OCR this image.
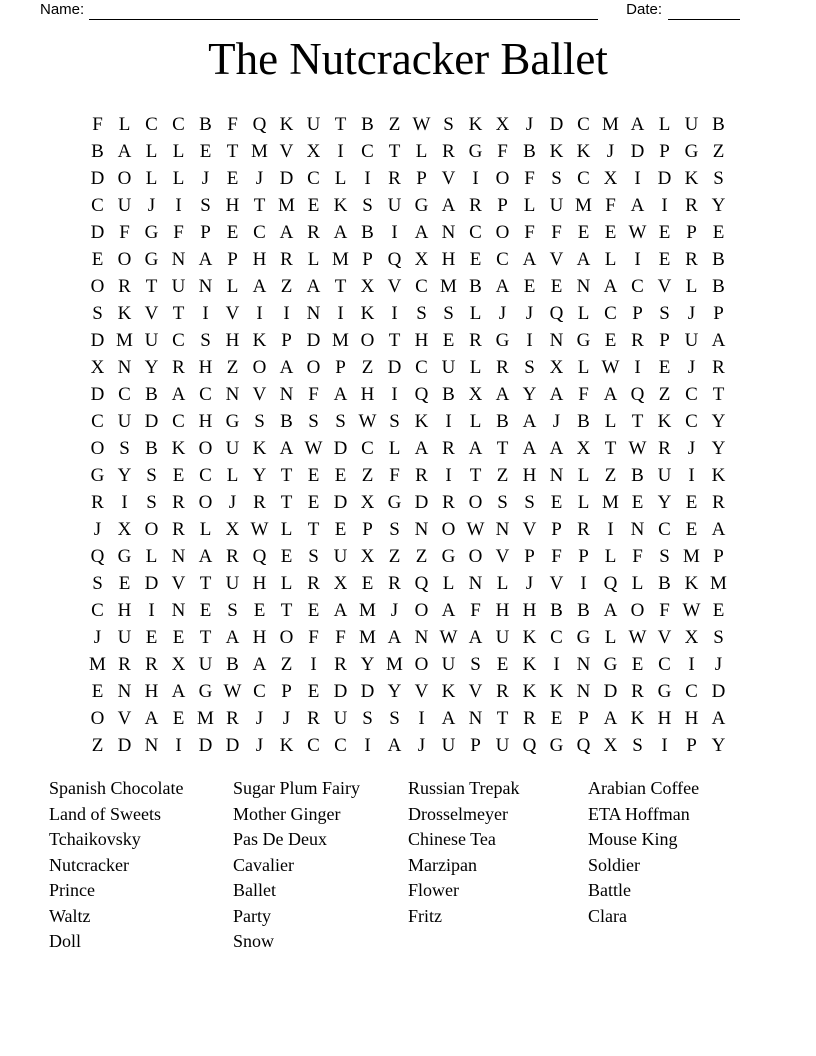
Name:	Date:
The Nutcracker Ballet
F L C C B F Q K U T B Z W S K X J D C M A L U B
B A L L E T M V X I C T L R G F B K K J D P G Z
D O L L J E J D C L I R P V I O F S C X I D K S
C U J	I S H T M E K S U G A R P L U M F A I R Y
D F G F P E C A R A B I A N C O F F E E W E P E
E O G N A P H R L M P Q X H E C A V A L I E R B
O R T U N L A Z A T X V C M B A E E N A C V L B
S K V T I V I	I N I K I S S L J	J Q L C P S J P
D M U C S H K P D M O T H E R G I N G E R P U A
X N Y R H Z O A O P Z D C U L R S X L W I E J R
D C B A C N V N F A H I Q B X A Y A F A Q Z C T
C U D C H G S B S S W S K I L B A J B L T K C Y
O S B K O U K A W D C L A R A T A A X T W R J Y
G Y S E C L Y T E E Z F R I T Z H N L Z B U I K
R I S R O J R T E D X G D R O S S E L M E Y E R
J X O R L X W L T E P S N O W N V P R I N C E A
Q G L N A R Q E S U X Z Z G O V P F P L F S M P
S E D V T U H L R X E R Q L N L J V I Q L B K M
C H I N E S E T E A M J O A F H H B B A O F W E
J U E E T A H O F F M A N W A U K C G L W V X S
M R R X U B A Z I R Y M O U S E K I N G E C I	J
E N H A G W C P E D D Y V K V R K K N D R G C D
O V A E M R J	J R U S S I A N T R E P A K H H A
Z D N I D D J K C C I A J U P U Q G Q X S I P Y
Spanish Chocolate
Land of Sweets
Tchaikovsky
Nutcracker
Prince
Waltz
Doll
Sugar Plum Fairy
Mother Ginger
Pas De Deux
Cavalier
Ballet
Party
Snow
Russian Trepak
Drosselmeyer
Chinese Tea
Marzipan
Flower
Fritz
Arabian Coffee
ETA Hoffman
Mouse King
Soldier
Battle
Clara
